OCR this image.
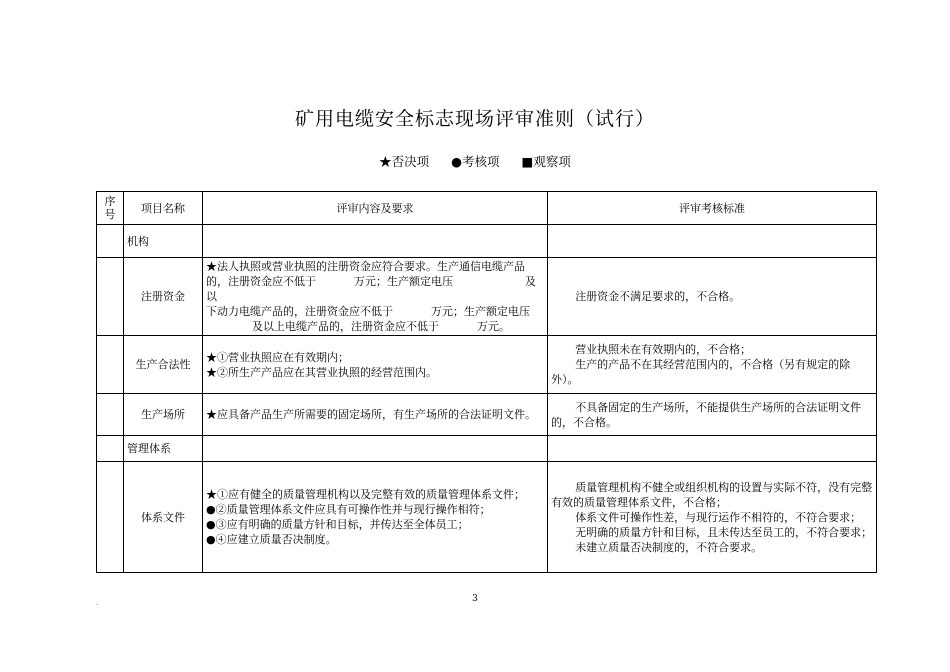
矿用电缆安全标志现场评审准则（试行）
★否决项 ●考核项 ■观察项
序号	项目名称	评审内容及要求	评审考核标准
	机构		
	注册资金	★法人执照或营业执照的注册资金应符合要求。生产通信电缆产品
的，注册资金应不低于 万元；生产额定电压 及以
下动力电缆产品的，注册资金应不低于 万元；生产额定电压
及以上电缆产品的，注册资金应不低于 万元。	注册资金不满足要求的，不合格。
	生产合法性	★①营业执照应在有效期内；
★②所生产产品应在其营业执照的经营范围内。	营业执照未在有效期内的，不合格；
生产的产品不在其经营范围内的，不合格（另有规定的除外）。

	生产场所	★应具备产品生产所需要的固定场所，有生产场所的合法证明文件。	不具备固定的生产场所，不能提供生产场所的合法证明文件的，不合格。
	管理体系		
	体系文件	★①应有健全的质量管理机构以及完整有效的质量管理体系文件；
●②质量管理体系文件应具有可操作性并与现行操作相符；
●③应有明确的质量方针和目标，并传达至全体员工；
●④应建立质量否决制度。	质量管理机构不健全或组织机构的设置与实际不符，没有完整有效的质量管理体系文件，不合格；
体系文件可操作性差，与现行运作不相符的，不符合要求；
无明确的质量方针和目标，且未传达至员工的，不符合要求；
未建立质量否决制度的，不符合要求。
.	3
